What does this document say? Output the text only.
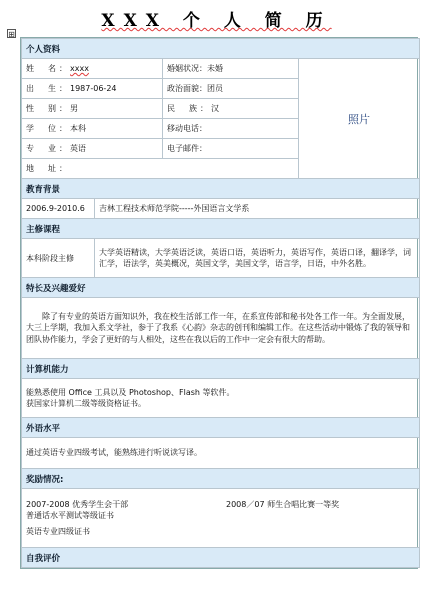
⊞
XXX 个 人 简 历
个人资料			
姓　名：xxxx		婚姻状况：未婚	照片
出　生：1987-06-24		政治面貌：团员	
性　别：男		民　族：汉	
学　位：本科		移动电话：	
专　业：英语		电子邮件：	
地　址：			
教育背景			
2006.9-2010.6	吉林工程技术师范学院-----外国语言文学系		
主修课程			
本科阶段主修	大学英语精读，大学英语泛读，英语口语，英语听力，英语写作，英语口译，翻译学，词汇学，语法学，英美概况，英国文学，美国文学，语言学，日语，中外名胜。		
特长及兴趣爱好			
除了有专业的英语方面知识外，我在校生活部工作一年，在系宣传部和秘书处各工作一年。为全面发展，大三上学期，我加入系文学社，参于了我系《心韵》杂志的创刊和编辑工作。在这些活动中锻炼了我的领导和团队协作能力，学会了更好的与人相处，这些在我以后的工作中一定会有很大的帮助。			
计算机能力			

能熟悉使用 Office 工具以及 Photoshop、Flash 等软件。
获国家计算机二级等级资格证书。			

外语水平			
通过英语专业四级考试，能熟练进行听说读写译。			
奖励情况:			

2007-2008 优秀学生会干部 2008／07 师生合唱比赛一等奖
普通话水平测试等级证书
英语专业四级证书			

自我评价			
